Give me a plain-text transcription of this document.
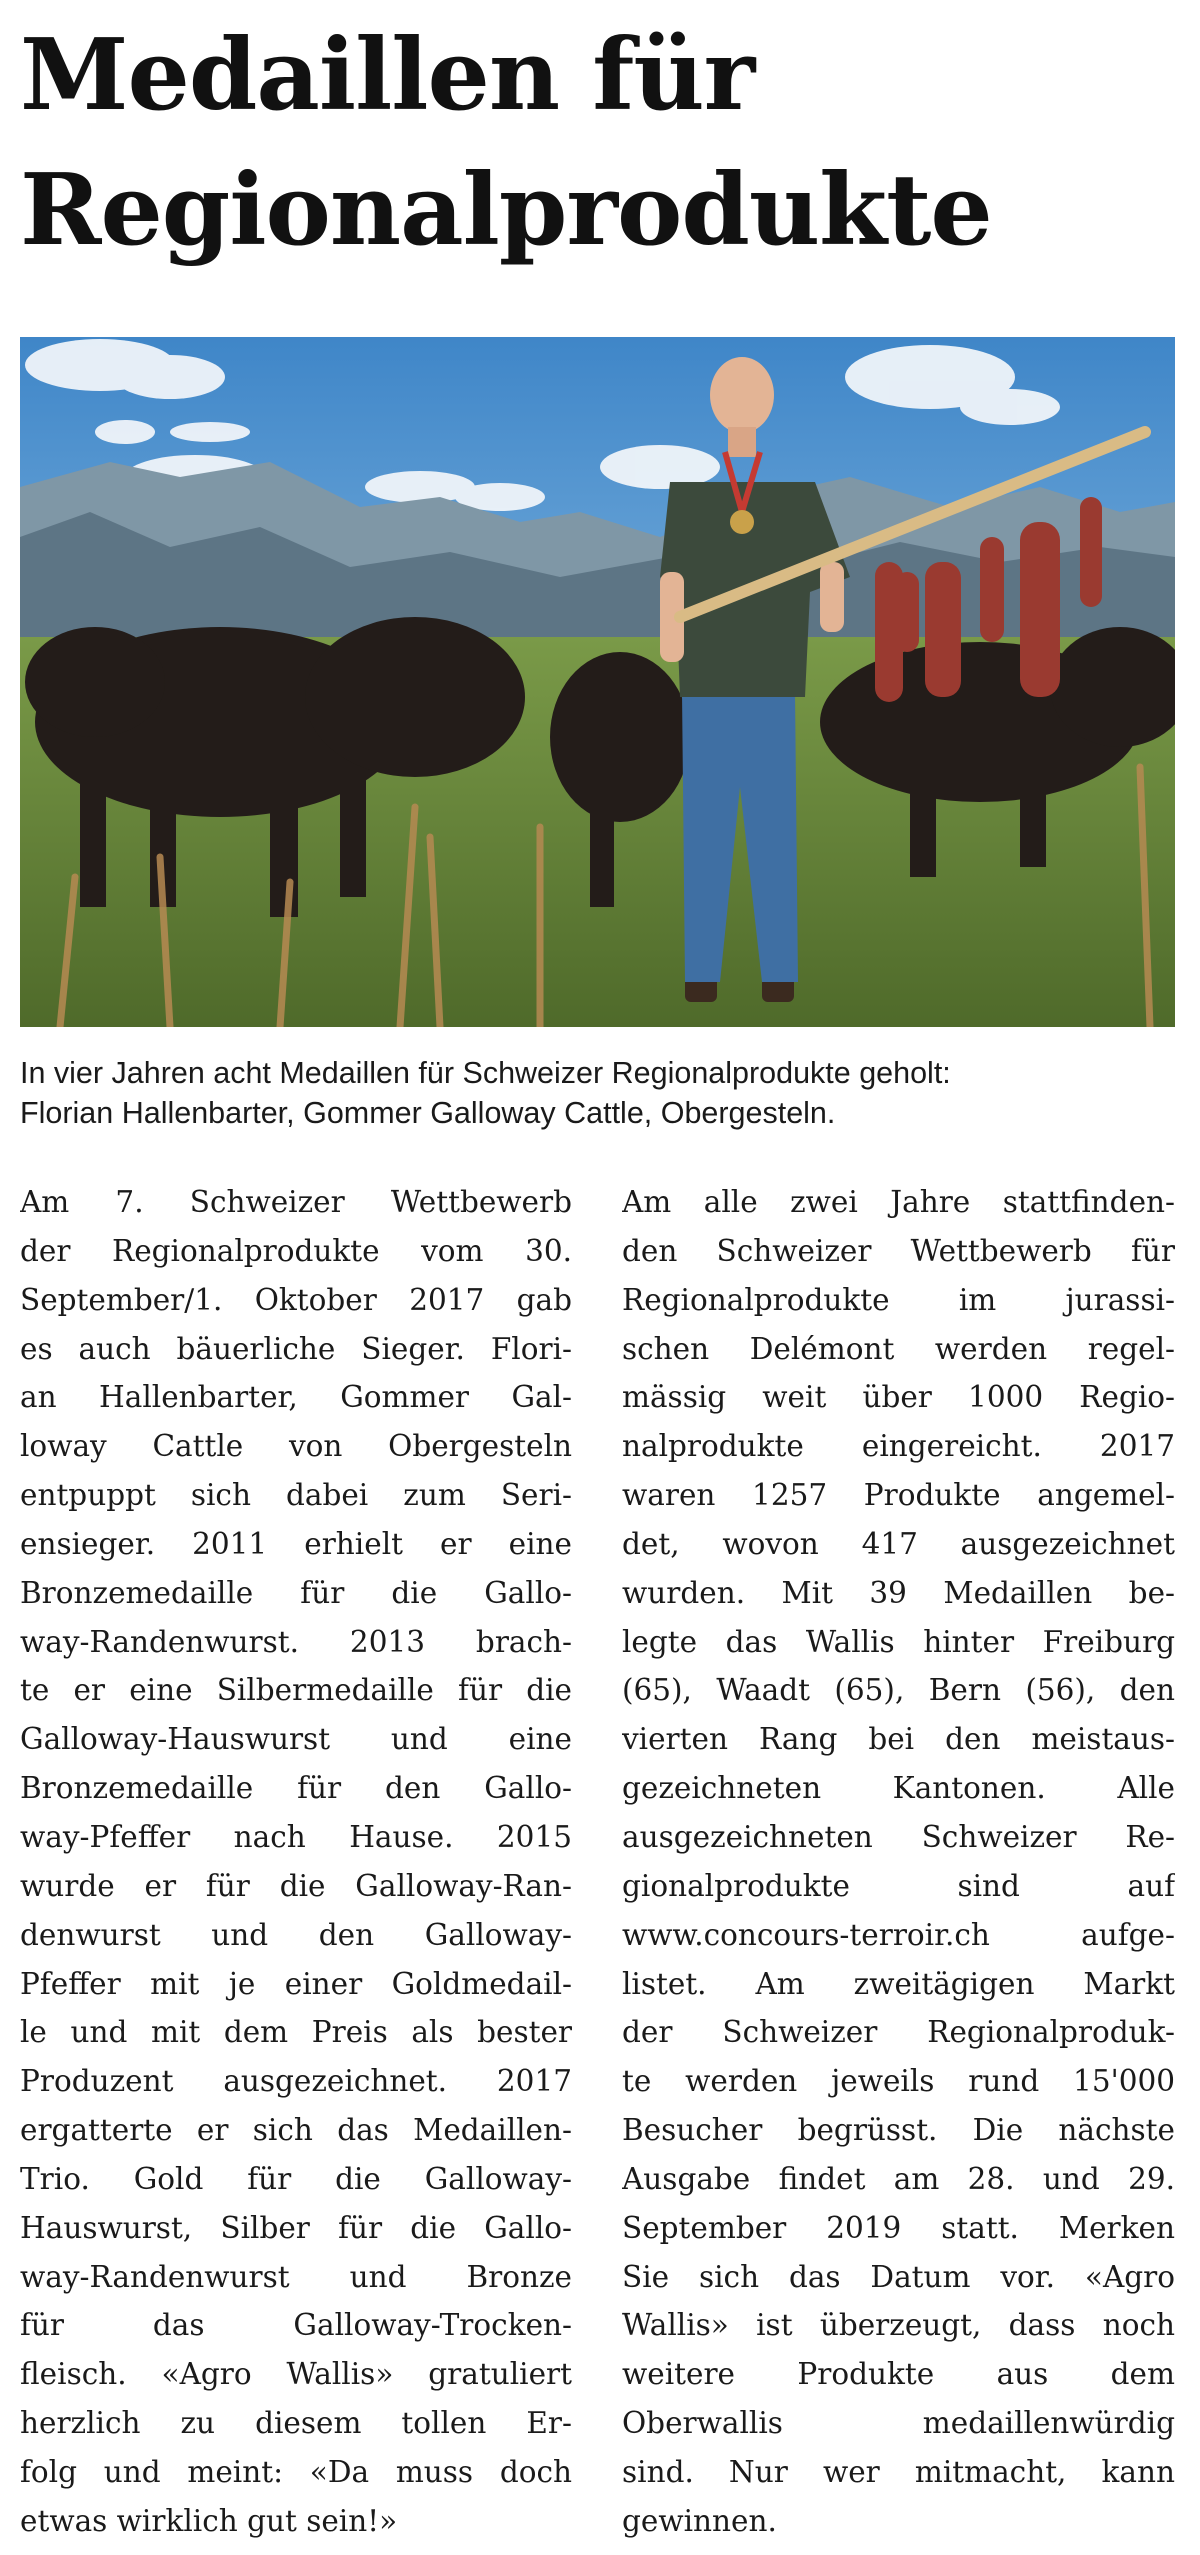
Medaillen für
Regionalprodukte

In vier Jahren acht Medaillen für Schweizer Regionalprodukte geholt:
Florian Hallenbarter, Gommer Galloway Cattle, Obergesteln.

Am 7. Schweizer Wettbewerb
der Regionalprodukte vom 30.
September/1. Oktober 2017 gab
es auch bäuerliche Sieger. Flori-
an Hallenbarter, Gommer Gal-
loway Cattle von Obergesteln
entpuppt sich dabei zum Seri-
ensieger. 2011 erhielt er eine
Bronzemedaille für die Gallo-
way-Randenwurst. 2013 brach-
te er eine Silbermedaille für die
Galloway-Hauswurst und eine
Bronzemedaille für den Gallo-
way-Pfeffer nach Hause. 2015
wurde er für die Galloway-Ran-
denwurst und den Galloway-
Pfeffer mit je einer Goldmedail-
le und mit dem Preis als bester
Produzent ausgezeichnet. 2017
ergatterte er sich das Medaillen-
Trio. Gold für die Galloway-
Hauswurst, Silber für die Gallo-
way-Randenwurst und Bronze
für das Galloway-Trocken-
fleisch. «Agro Wallis» gratuliert
herzlich zu diesem tollen Er-
folg und meint: «Da muss doch
etwas wirklich gut sein!»
Am alle zwei Jahre stattfinden-
den Schweizer Wettbewerb für
Regionalprodukte im jurassi-
schen Delémont werden regel-
mässig weit über 1000 Regio-
nalprodukte eingereicht. 2017
waren 1257 Produkte angemel-
det, wovon 417 ausgezeichnet
wurden. Mit 39 Medaillen be-
legte das Wallis hinter Freiburg
(65), Waadt (65), Bern (56), den
vierten Rang bei den meistaus-
gezeichneten Kantonen. Alle
ausgezeichneten Schweizer Re-
gionalprodukte sind auf
www.concours-terroir.ch aufge-
listet. Am zweitägigen Markt
der Schweizer Regionalproduk-
te werden jeweils rund 15'000
Besucher begrüsst. Die nächste
Ausgabe findet am 28. und 29.
September 2019 statt. Merken
Sie sich das Datum vor. «Agro
Wallis» ist überzeugt, dass noch
weitere Produkte aus dem
Oberwallis medaillenwürdig
sind. Nur wer mitmacht, kann
gewinnen.
